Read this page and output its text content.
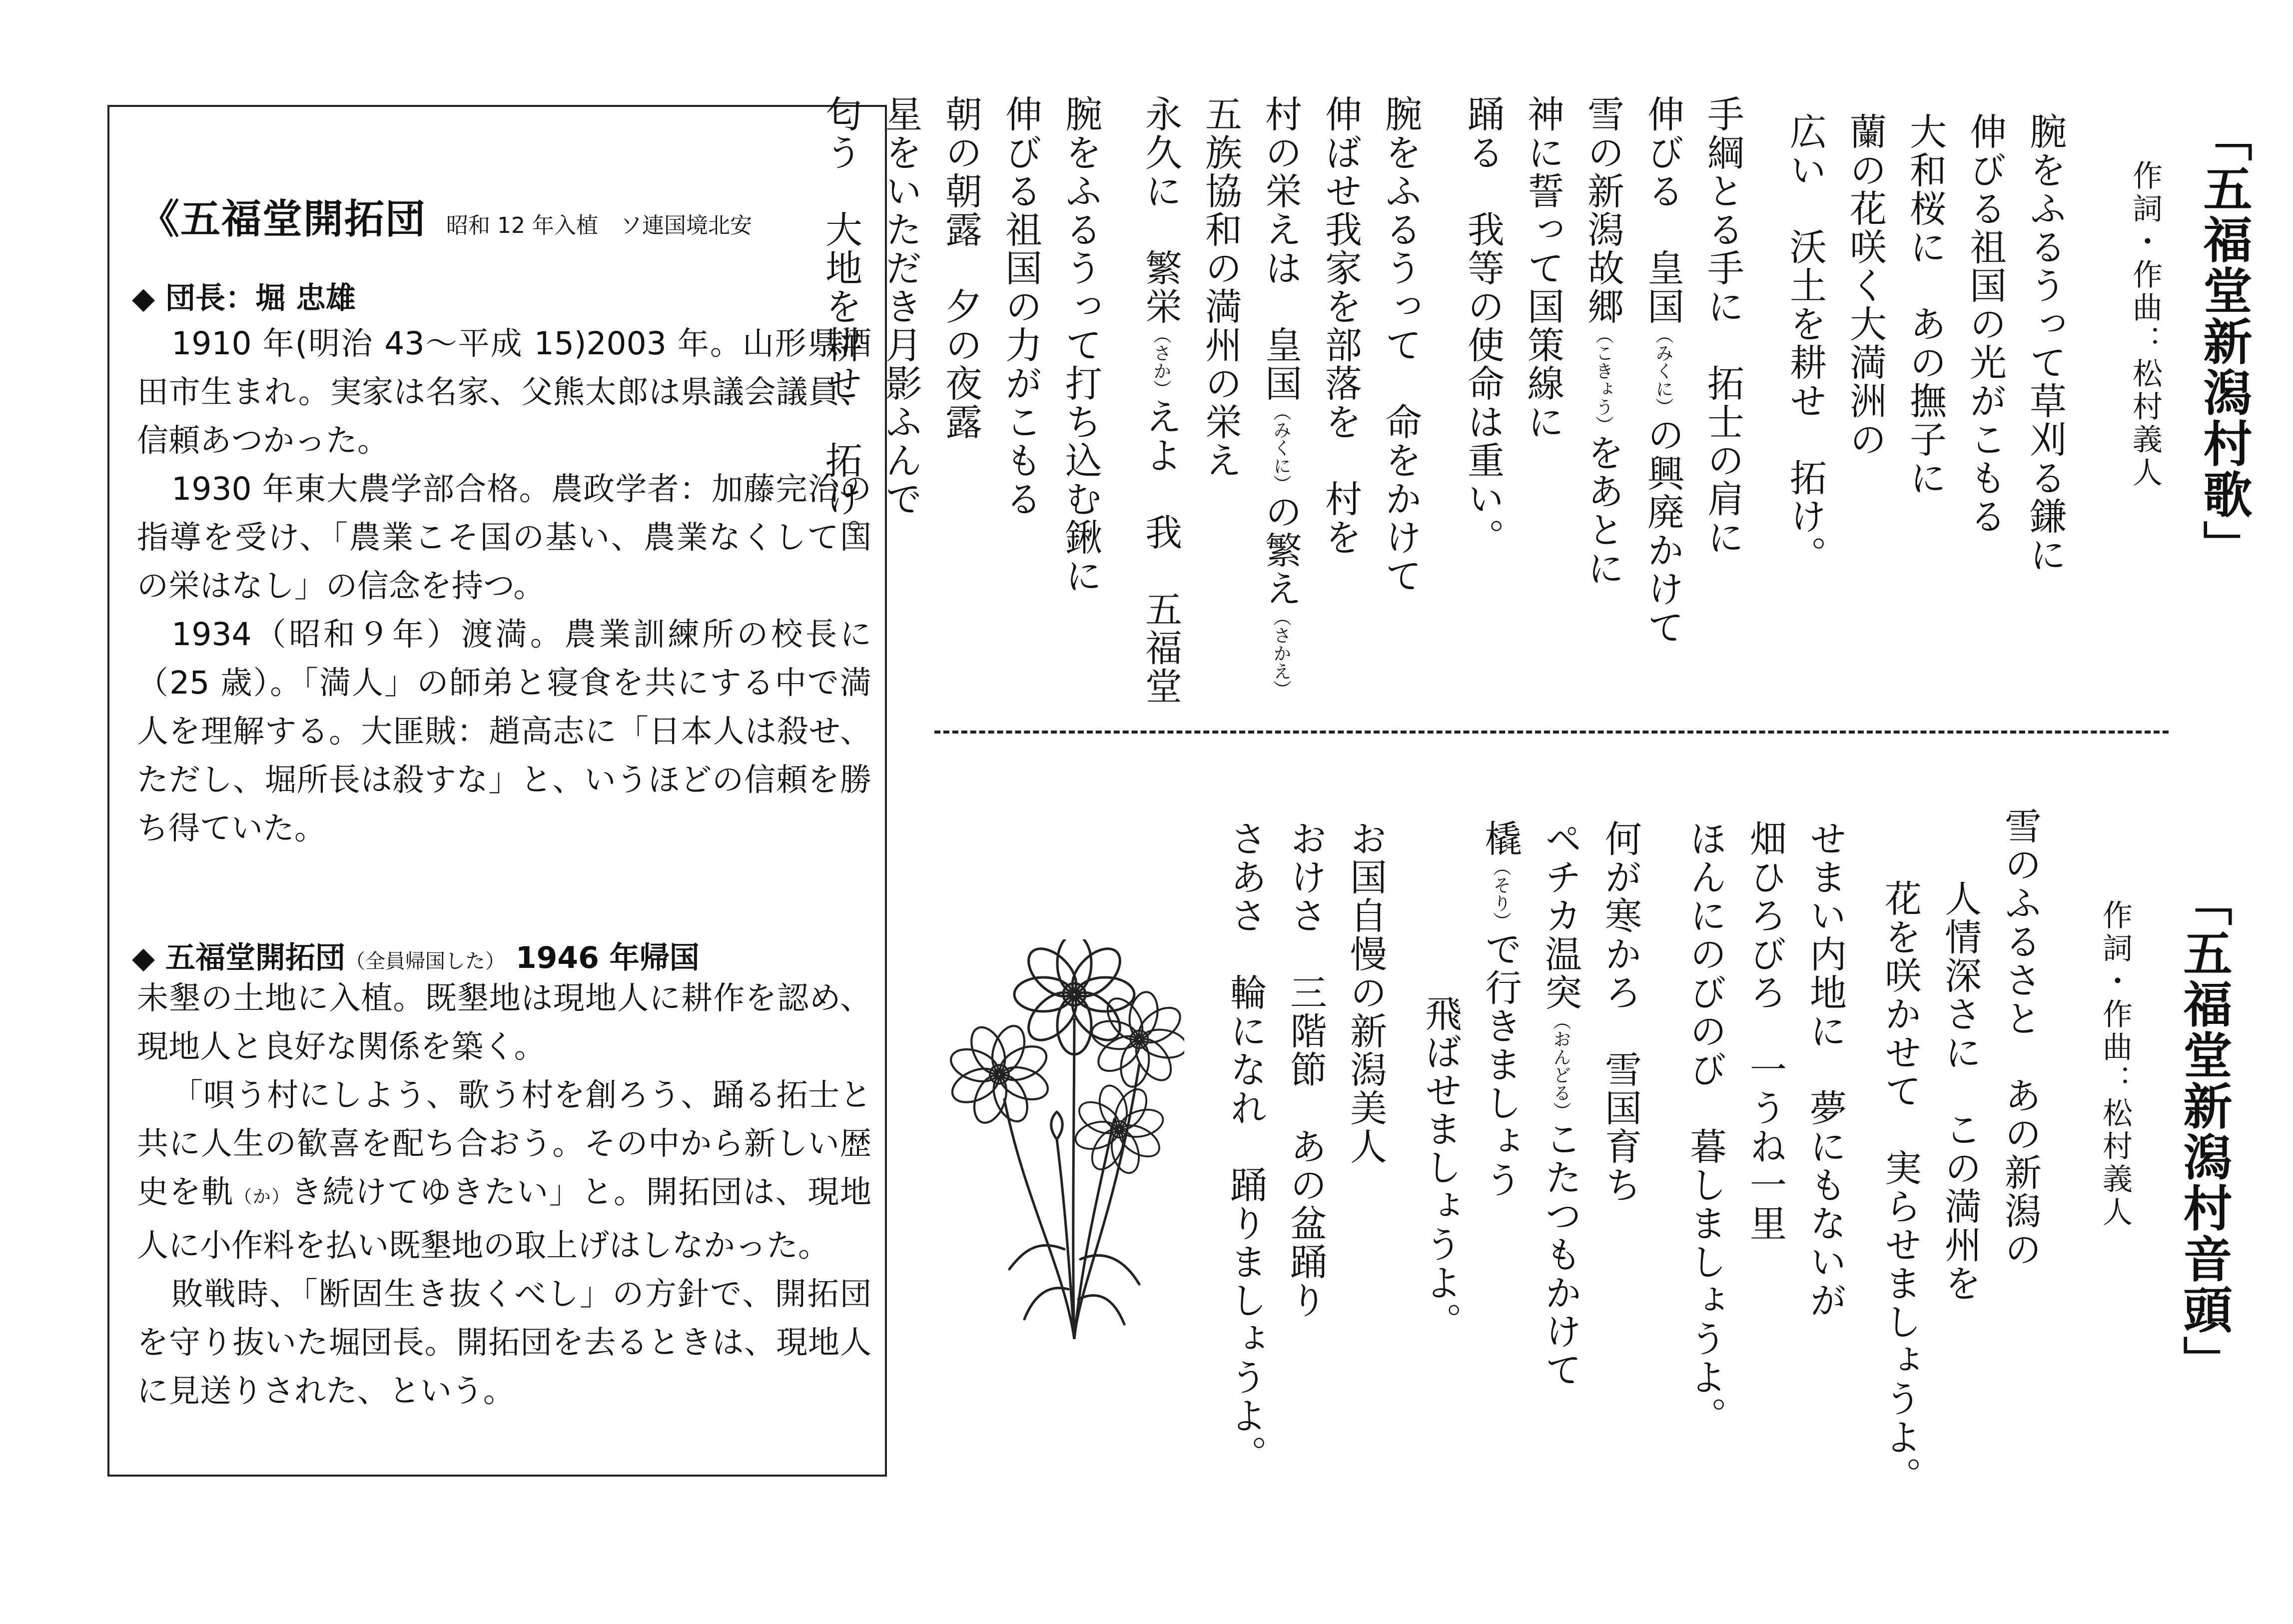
《五福堂開拓団 昭和 12 年入植　ソ連国境北安
◆ 団長：堀 忠雄

1910 年(明治 43〜平成 15)2003 年。山形県酒田市生まれ。実家は名家、父熊太郎は県議会議員、信頼あつかった。

1930 年東大農学部合格。農政学者：加藤完治の指導を受け、「農業こそ国の基い、農業なくして国の栄はなし」の信念を持つ。

1934（昭和９年）渡満。農業訓練所の校長に（25 歳）。「満人」の師弟と寝食を共にする中で満人を理解する。大匪賊：趙高志に「日本人は殺せ、ただし、堀所長は殺すな」と、いうほどの信頼を勝ち得ていた。

◆ 五福堂開拓団（全員帰国した） 1946 年帰国

未墾の土地に入植。既墾地は現地人に耕作を認め、現地人と良好な関係を築く。

「唄う村にしよう、歌う村を創ろう、踊る拓士と共に人生の歓喜を配ち合おう。その中から新しい歴史を軌（か）き続けてゆきたい」と。開拓団は、現地人に小作料を払い既墾地の取上げはしなかった。

敗戦時、「断固生き抜くべし」の方針で、開拓団を守り抜いた堀団長。開拓団を去るときは、現地人に見送りされた、という。

「五福堂新潟村歌」
作詞・作曲：松村義人
腕をふるうって草刈る鎌に
伸びる祖国の光がこもる
大和桜に　あの撫子に
蘭の花咲く大満洲の
広い　沃土を耕せ　拓け。
手綱とる手に　拓士の肩に
伸びる　皇国（みくに）の興廃かけて
雪の新潟故郷（こきょう）をあとに
神に誓って国策線に
踊る　我等の使命は重い。
腕をふるうって　命をかけて
伸ばせ我家を部落を　村を
村の栄えは　皇国（みくに）の繁え（さかえ）
五族協和の満州の栄え
永久に　繁栄（さか）えよ　我　五福堂
腕をふるうって打ち込む鍬に
伸びる祖国の力がこもる
朝の朝露　夕の夜露
星をいただき月影ふんで
匂う　大地を耕せ　拓け。
「五福堂新潟村音頭」
作詞・作曲：松村義人
雪のふるさと　あの新潟の
人情深さに　この満州を
花を咲かせて　実らせましょうよ。
せまい内地に　夢にもないが
畑ひろびろ　一うね一里
ほんにのびのび　暮しましょうよ。
何が寒かろ　雪国育ち
ペチカ温突（おんどる）こたつもかけて
橇（そり）で行きましょう
飛ばせましょうよ。
お国自慢の新潟美人
おけさ　三階節　あの盆踊り
さあさ　輪になれ　踊りましょうよ。
